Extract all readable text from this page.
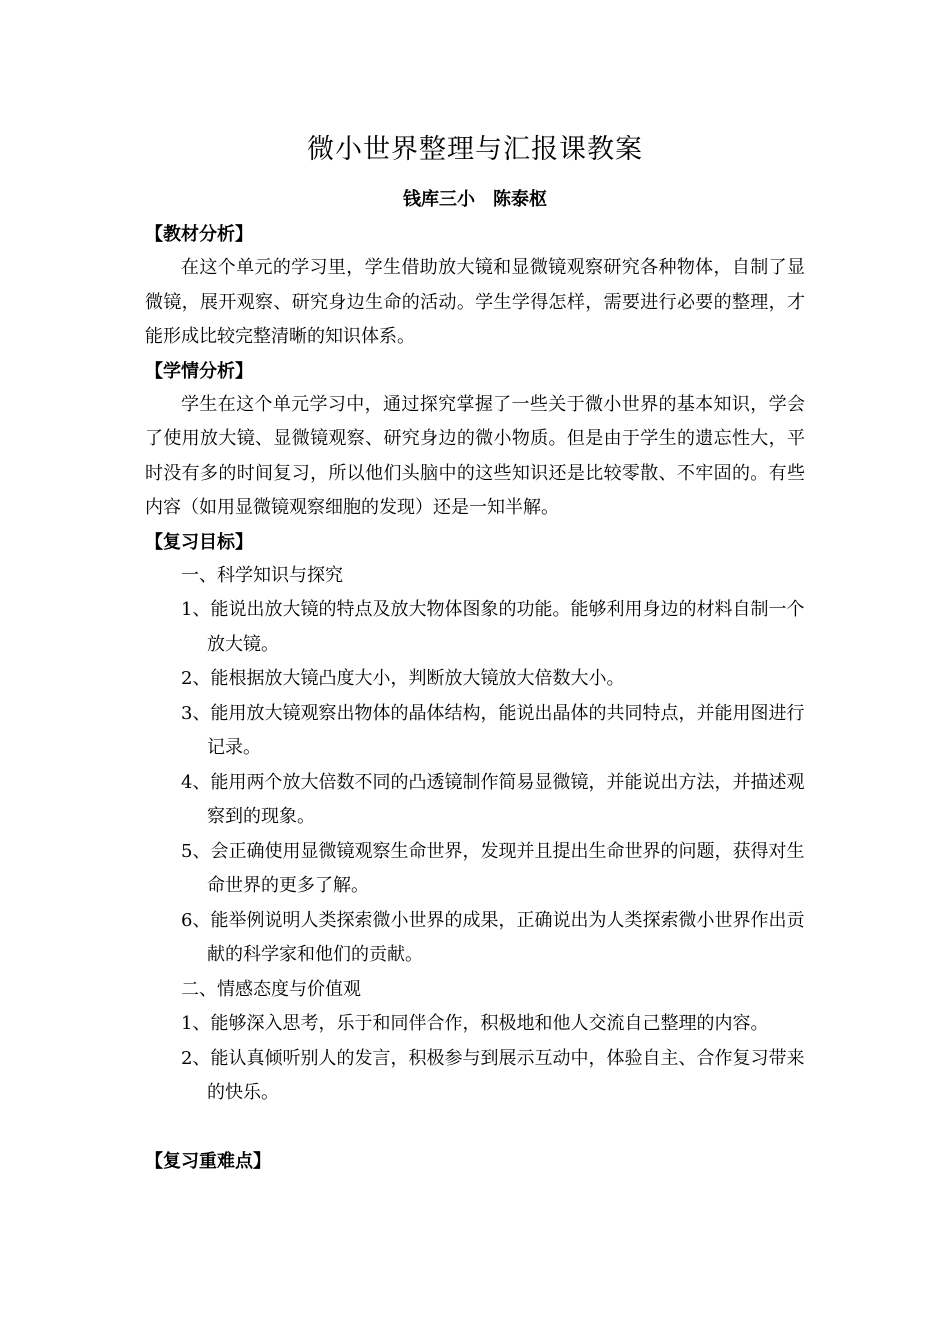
微小世界整理与汇报课教案
钱库三小　陈泰枢
【教材分析】
在这个单元的学习里，学生借助放大镜和显微镜观察研究各种物体，自制了显微镜，展开观察、研究身边生命的活动。学生学得怎样，需要进行必要的整理，才能形成比较完整清晰的知识体系。
【学情分析】
学生在这个单元学习中，通过探究掌握了一些关于微小世界的基本知识，学会了使用放大镜、显微镜观察、研究身边的微小物质。但是由于学生的遗忘性大，平时没有多的时间复习，所以他们头脑中的这些知识还是比较零散、不牢固的。有些内容（如用显微镜观察细胞的发现）还是一知半解。
【复习目标】
一、科学知识与探究
1、能说出放大镜的特点及放大物体图象的功能。能够利用身边的材料自制一个放大镜。
2、能根据放大镜凸度大小，判断放大镜放大倍数大小。
3、能用放大镜观察出物体的晶体结构，能说出晶体的共同特点，并能用图进行记录。
4、能用两个放大倍数不同的凸透镜制作简易显微镜，并能说出方法，并描述观察到的现象。
5、会正确使用显微镜观察生命世界，发现并且提出生命世界的问题，获得对生命世界的更多了解。
6、能举例说明人类探索微小世界的成果，正确说出为人类探索微小世界作出贡献的科学家和他们的贡献。
二、情感态度与价值观
1、能够深入思考，乐于和同伴合作，积极地和他人交流自己整理的内容。
2、能认真倾听别人的发言，积极参与到展示互动中，体验自主、合作复习带来的快乐。
【复习重难点】
